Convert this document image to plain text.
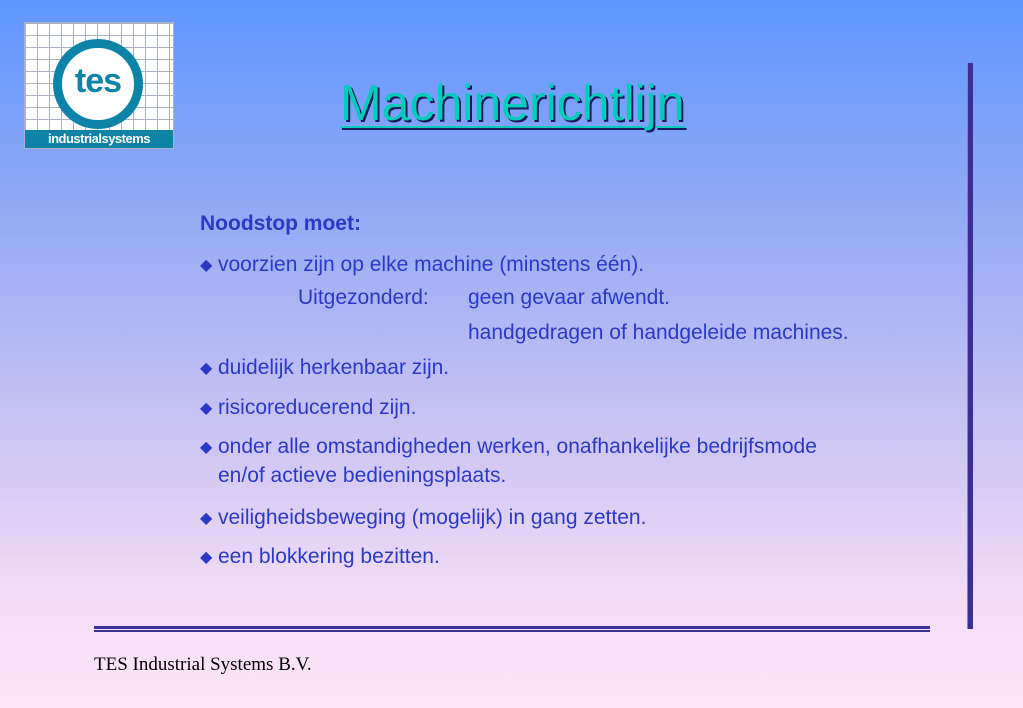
tes
industrialsystems
Machinerichtlijn
Noodstop moet:
◆ voorzien zijn op elke machine (minstens één).
Uitgezonderd: geen gevaar afwendt.
handgedragen of handgeleide machines.
◆ duidelijk herkenbaar zijn.
◆ risicoreducerend zijn.
◆ onder alle omstandigheden werken, onafhankelijke bedrijfsmode
en/of actieve bedieningsplaats.
◆ veiligheidsbeweging (mogelijk) in gang zetten.
◆ een blokkering bezitten.
TES Industrial Systems B.V.
